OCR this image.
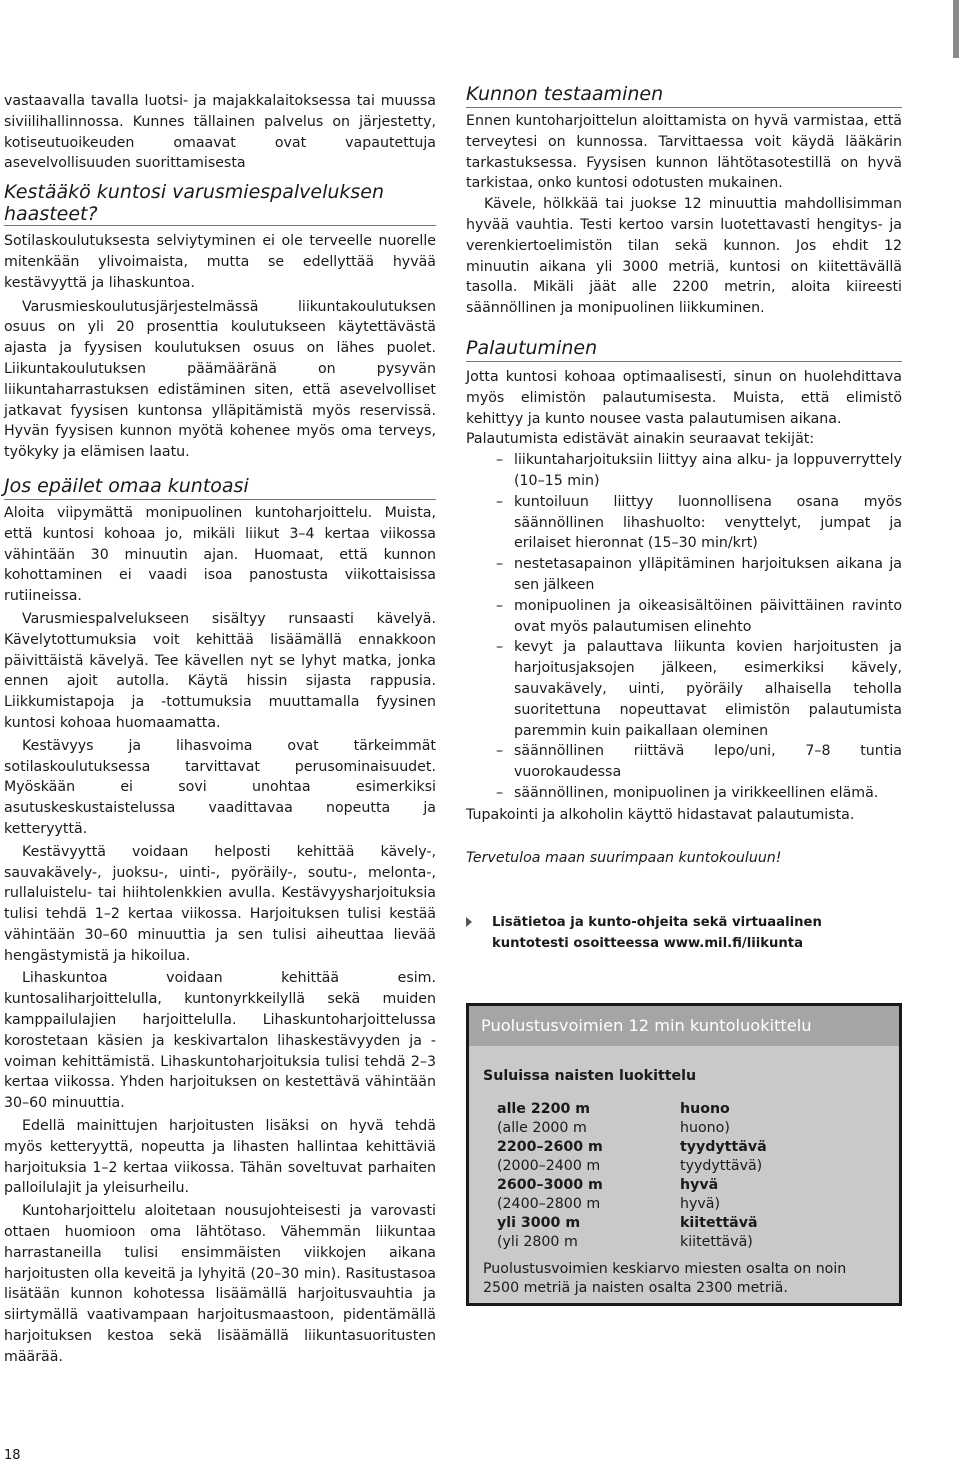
vastaavalla tavalla luotsi- ja majakkalaitoksessa tai muussa siviilihallinnossa. Kunnes tällainen palvelus on järjestetty, kotiseutuoikeuden omaavat ovat vapautettuja asevelvollisuuden suorittamisesta

Kestääkö kuntosi varusmiespalveluksen haasteet?

Sotilaskoulutuksesta selviytyminen ei ole terveelle nuorelle mitenkään ylivoimaista, mutta se edellyttää hyvää kestävyyttä ja lihaskuntoa.

Varusmieskoulutusjärjestelmässä liikuntakoulutuksen osuus on yli 20 prosenttia koulutukseen käytettävästä ajasta ja fyysisen koulutuksen osuus on lähes puolet. Liikuntakoulutuksen päämääränä on pysyvän liikuntaharrastuksen edistäminen siten, että asevelvolliset jatkavat fyysisen kuntonsa ylläpitämistä myös reservissä. Hyvän fyysisen kunnon myötä kohenee myös oma terveys, työkyky ja elämisen laatu.

Jos epäilet omaa kuntoasi

Aloita viipymättä monipuolinen kuntoharjoittelu. Muista, että kuntosi kohoaa jo, mikäli liikut 3–4 kertaa viikossa vähintään 30 minuutin ajan. Huomaat, että kunnon kohottaminen ei vaadi isoa panostusta viikottaisissa rutiineissa.

Varusmiespalvelukseen sisältyy runsaasti kävelyä. Kävelytottumuksia voit kehittää lisäämällä ennakkoon päivittäistä kävelyä. Tee kävellen nyt se lyhyt matka, jonka ennen ajoit autolla. Käytä hissin sijasta rappusia. Liikkumistapoja ja -tottumuksia muuttamalla fyysinen kuntosi kohoaa huomaamatta.

Kestävyys ja lihasvoima ovat tärkeimmät sotilaskoulutuksessa tarvittavat perusominaisuudet. Myöskään ei sovi unohtaa esimerkiksi asutuskeskustaistelussa vaadittavaa nopeutta ja ketteryyttä.

Kestävyyttä voidaan helposti kehittää kävely-, sauvakävely-, juoksu-, uinti-, pyöräily-, soutu-, melonta-, rullaluistelu- tai hiihtolenkkien avulla. Kestävyysharjoituksia tulisi tehdä 1–2 kertaa viikossa. Harjoituksen tulisi kestää vähintään 30–60 minuuttia ja sen tulisi aiheuttaa lievää hengästymistä ja hikoilua.

Lihaskuntoa voidaan kehittää esim. kuntosaliharjoittelulla, kuntonyrkkeilyllä sekä muiden kamppailulajien harjoittelulla. Lihaskuntoharjoittelussa korostetaan käsien ja keskivartalon lihaskestävyyden ja -voiman kehittämistä. Lihaskuntoharjoituksia tulisi tehdä 2–3 kertaa viikossa. Yhden harjoituksen on kestettävä vähintään 30–60 minuuttia.

Edellä mainittujen harjoitusten lisäksi on hyvä tehdä myös ketteryyttä, nopeutta ja lihasten hallintaa kehittäviä harjoituksia 1–2 kertaa viikossa. Tähän soveltuvat parhaiten palloilulajit ja yleisurheilu.

Kuntoharjoittelu aloitetaan nousujohteisesti ja varovasti ottaen huomioon oma lähtötaso. Vähemmän liikuntaa harrastaneilla tulisi ensimmäisten viikkojen aikana harjoitusten olla keveitä ja lyhyitä (20–30 min). Rasitustasoa lisätään kunnon kohotessa lisäämällä harjoitusvauhtia ja siirtymällä vaativampaan harjoitusmaastoon, pidentämällä harjoituksen kestoa sekä lisäämällä liikuntasuoritusten määrää.

Kunnon testaaminen

Ennen kuntoharjoittelun aloittamista on hyvä varmistaa, että terveytesi on kunnossa. Tarvittaessa voit käydä lääkärin tarkastuksessa. Fyysisen kunnon lähtötasotestillä on hyvä tarkistaa, onko kuntosi odotusten mukainen.

Kävele, hölkkää tai juokse 12 minuuttia mahdollisimman hyvää vauhtia. Testi kertoo varsin luotettavasti hengitys- ja verenkiertoelimistön tilan sekä kunnon. Jos ehdit 12 minuutin aikana yli 3000 metriä, kuntosi on kiitettävällä tasolla. Mikäli jäät alle 2200 metrin, aloita kiireesti säännöllinen ja monipuolinen liikkuminen.

Palautuminen

Jotta kuntosi kohoaa optimaalisesti, sinun on huolehdittava myös elimistön palautumisesta. Muista, että elimistö kehittyy ja kunto nousee vasta palautumisen aikana.

Palautumista edistävät ainakin seuraavat tekijät:

– liikuntaharjoituksiin liittyy aina alku- ja loppuverryttely (10–15 min)
– kuntoiluun liittyy luonnollisena osana myös säännöllinen lihashuolto: venyttelyt, jumpat ja erilaiset hieronnat (15–30 min/krt)
– nestetasapainon ylläpitäminen harjoituksen aikana ja sen jälkeen
– monipuolinen ja oikeasisältöinen päivittäinen ravinto ovat myös palautumisen elinehto
– kevyt ja palauttava liikunta kovien harjoitusten ja harjoitusjaksojen jälkeen, esimerkiksi kävely, sauvakävely, uinti, pyöräily alhaisella teholla suoritettuna nopeuttavat elimistön palautumista paremmin kuin paikallaan oleminen
– säännöllinen riittävä lepo/uni, 7–8 tuntia vuorokaudessa
– säännöllinen, monipuolinen ja virikkeellinen elämä.

Tupakointi ja alkoholin käyttö hidastavat palautumista.

Tervetuloa maan suurimpaan kuntokouluun!

Lisätietoa ja kunto-ohjeita sekä virtuaalinen kuntotesti osoitteessa www.mil.fi/liikunta
Puolustusvoimien 12 min kuntoluokittelu
Suluissa naisten luokittelu
alle 2200 m	huono
(alle 2000 m	huono)
2200–2600 m	tyydyttävä
(2000–2400 m	tyydyttävä)
2600–3000 m	hyvä
(2400–2800 m	hyvä)
yli 3000 m	kiitettävä
(yli 2800 m	kiitettävä)
Puolustusvoimien keskiarvo miesten osalta on noin 2500 metriä ja naisten osalta 2300 metriä.
18
